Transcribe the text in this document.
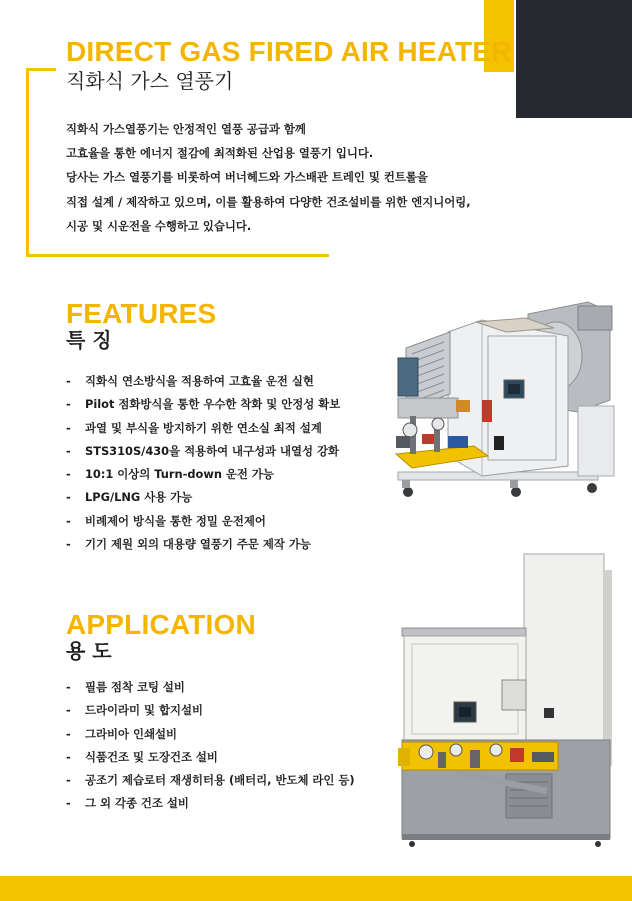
DIRECT GAS FIRED AIR HEATER
직화식 가스 열풍기
직화식 가스열풍기는 안정적인 열풍 공급과 함께
고효율을 통한 에너지 절감에 최적화된 산업용 열풍기 입니다.
당사는 가스 열풍기를 비롯하여 버너헤드와 가스배관 트레인 및 컨트롤을
직접 설계 / 제작하고 있으며, 이를 활용하여 다양한 건조설비를 위한 엔지니어링,
시공 및 시운전을 수행하고 있습니다.
FEATURES
특 징
- 직화식 연소방식을 적용하여 고효율 운전 실현
- Pilot 점화방식을 통한 우수한 착화 및 안정성 확보
- 과열 및 부식을 방지하기 위한 연소실 최적 설계
- STS310S/430을 적용하여 내구성과 내열성 강화
- 10:1 이상의 Turn-down 운전 가능
- LPG/LNG 사용 가능
- 비례제어 방식을 통한 정밀 운전제어
- 기기 제원 외의 대용량 열풍기 주문 제작 가능
APPLICATION
용 도
- 필름 점착 코팅 설비
- 드라이라미 및 합지설비
- 그라비아 인쇄설비
- 식품건조 및 도장건조 설비
- 공조기 제습로터 재생히터용 (배터리, 반도체 라인 등)
- 그 외 각종 건조 설비
